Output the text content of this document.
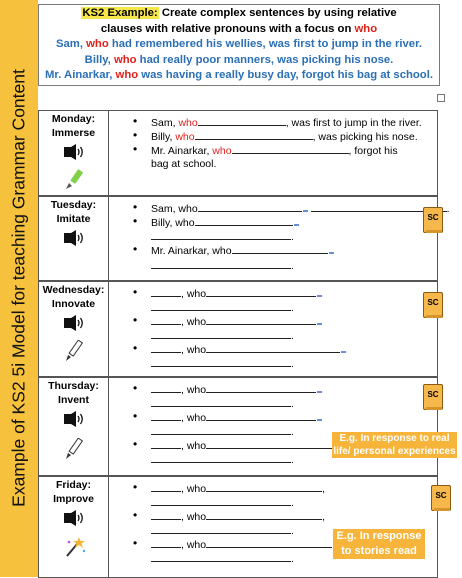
Example of KS2 5i Model for teaching Grammar Content
KS2 Example: Create complex sentences by using relative
clauses with relative pronouns with a focus on who
Sam, who had remembered his wellies, was first to jump in the river.
Billy, who had really poor manners, was picking his nose.
Mr. Ainarkar, who was having a really busy day, forgot his bag at school.
Monday:
Immerse
• Sam, who	, was first to jump in the river.
• Billy, who	, was picking his nose.
• Mr. Ainarkar, who	, forgot his
bag at school.
Tuesday:
Imitate
• Sam, who	.
• Billy, who
.
• Mr. Ainarkar, who
.
SC
Wednesday:
Innovate
•	, who
.
•	, who
.
•	, who
.
SC
Thursday:
Invent
•	, who
.
•	, who
.
•	, who
.
SC
Friday:
Improve
•	, who	,
.
•	, who	,
.
•	, who
.
SC
E.g. In response to real life/ personal experiences
E.g. In response to stories read
